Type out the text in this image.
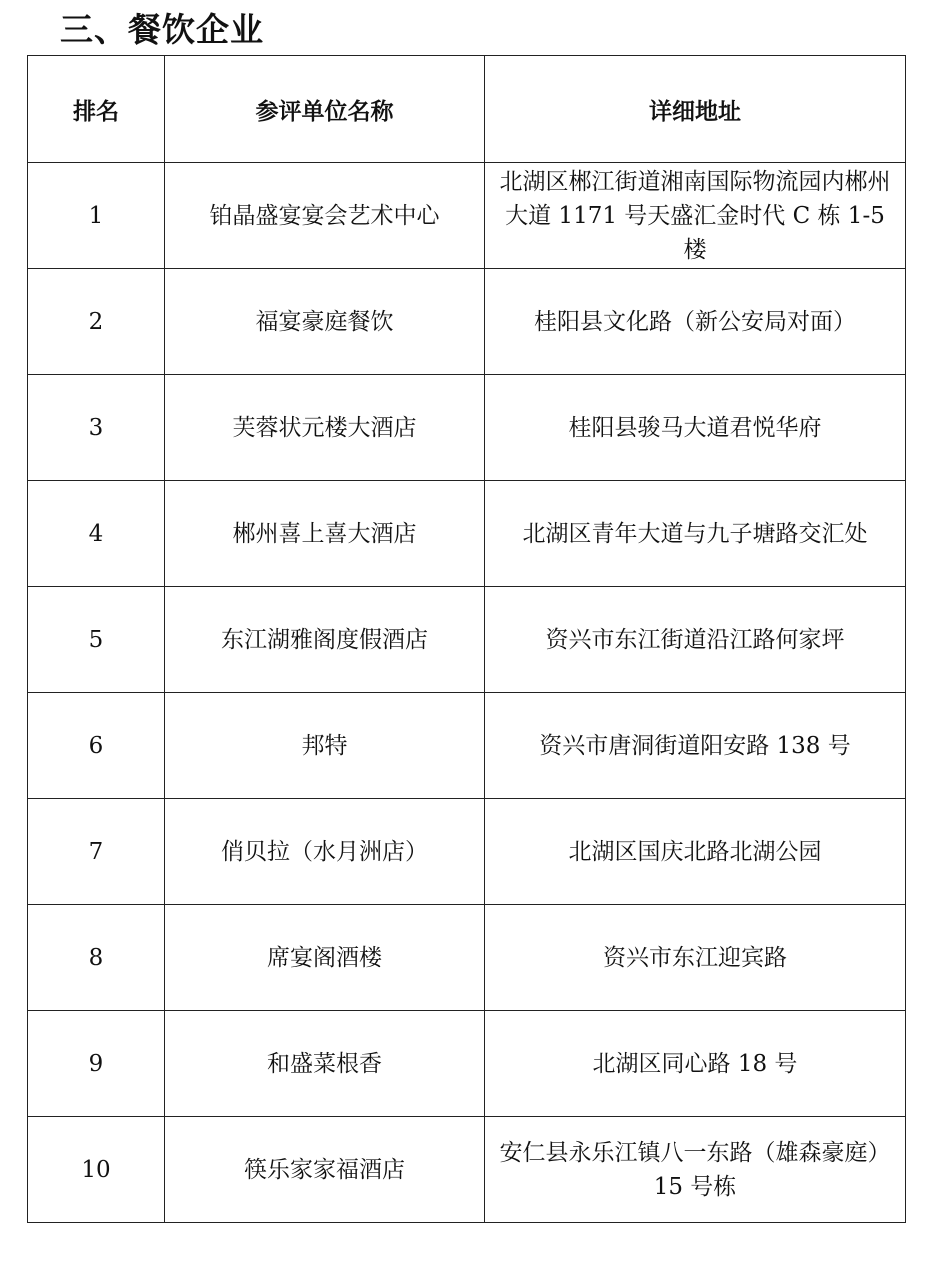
三、餐饮企业
排名	参评单位名称	详细地址
1	铂晶盛宴宴会艺术中心	北湖区郴江街道湘南国际物流园内郴州大道 1171 号天盛汇金时代 C 栋 1-5 楼
2	福宴豪庭餐饮	桂阳县文化路（新公安局对面）
3	芙蓉状元楼大酒店	桂阳县骏马大道君悦华府
4	郴州喜上喜大酒店	北湖区青年大道与九子塘路交汇处
5	东江湖雅阁度假酒店	资兴市东江街道沿江路何家坪
6	邦特	资兴市唐洞街道阳安路 138 号
7	俏贝拉（水月洲店）	北湖区国庆北路北湖公园
8	席宴阁酒楼	资兴市东江迎宾路
9	和盛菜根香	北湖区同心路 18 号
10	筷乐家家福酒店	安仁县永乐江镇八一东路（雄森豪庭）15 号栋
